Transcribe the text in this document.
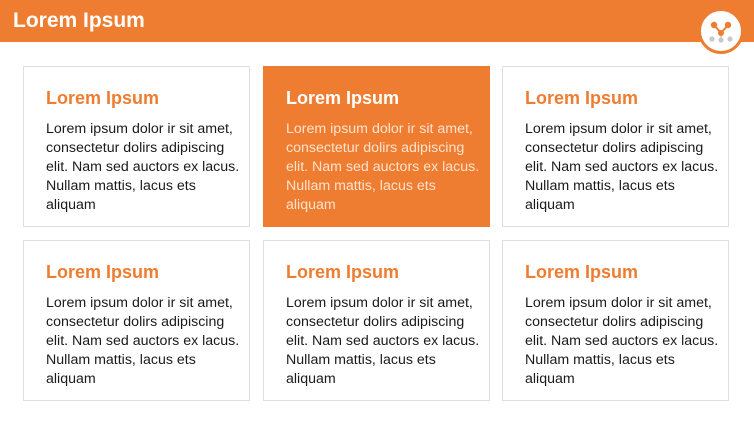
Lorem Ipsum
Lorem Ipsum
Lorem ipsum dolor ir sit amet, consectetur dolirs adipiscing elit. Nam sed auctors ex lacus. Nullam mattis, lacus ets aliquam
Lorem Ipsum
Lorem ipsum dolor ir sit amet, consectetur dolirs adipiscing elit. Nam sed auctors ex lacus. Nullam mattis, lacus ets aliquam
Lorem Ipsum
Lorem ipsum dolor ir sit amet, consectetur dolirs adipiscing elit. Nam sed auctors ex lacus. Nullam mattis, lacus ets aliquam
Lorem Ipsum
Lorem ipsum dolor ir sit amet, consectetur dolirs adipiscing elit. Nam sed auctors ex lacus. Nullam mattis, lacus ets aliquam
Lorem Ipsum
Lorem ipsum dolor ir sit amet, consectetur dolirs adipiscing elit. Nam sed auctors ex lacus. Nullam mattis, lacus ets aliquam
Lorem Ipsum
Lorem ipsum dolor ir sit amet, consectetur dolirs adipiscing elit. Nam sed auctors ex lacus. Nullam mattis, lacus ets aliquam
